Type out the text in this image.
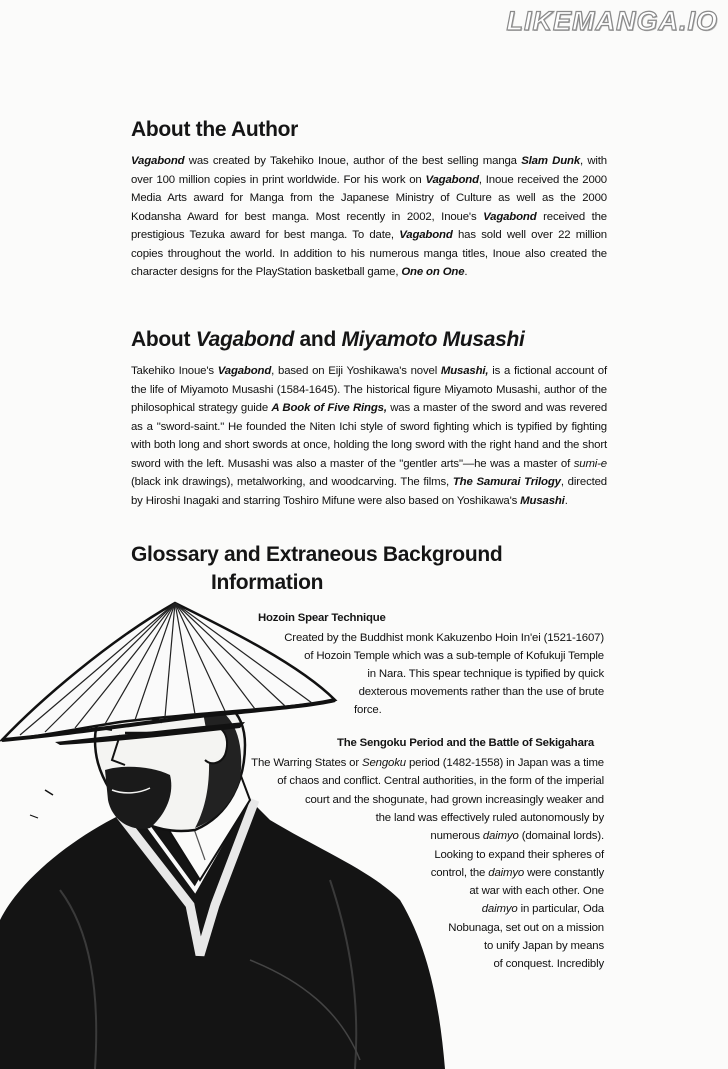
LIKEMANGA.IO
About the Author

Vagabond was created by Takehiko Inoue, author of the best selling manga Slam Dunk, with over 100 million copies in print worldwide. For his work on Vagabond, Inoue received the 2000 Media Arts award for Manga from the Japanese Ministry of Culture as well as the 2000 Kodansha Award for best manga. Most recently in 2002, Inoue's Vagabond received the prestigious Tezuka award for best manga. To date, Vagabond has sold well over 22 million copies throughout the world. In addition to his numerous manga titles, Inoue also created the character designs for the PlayStation basketball game, One on One.

About Vagabond and Miyamoto Musashi

Takehiko Inoue's Vagabond, based on Eiji Yoshikawa's novel Musashi, is a fictional account of the life of Miyamoto Musashi (1584-1645). The historical figure Miyamoto Musashi, author of the philosophical strategy guide A Book of Five Rings, was a master of the sword and was revered as a "sword-saint." He founded the Niten Ichi style of sword fighting which is typified by fighting with both long and short swords at once, holding the long sword with the right hand and the short sword with the left. Musashi was also a master of the "gentler arts"—he was a master of sumi-e (black ink drawings), metalworking, and woodcarving. The films, The Samurai Trilogy, directed by Hiroshi Inagaki and starring Toshiro Mifune were also based on Yoshikawa's Musashi.

Glossary and Extraneous Background
Information
Hozoin Spear Technique
Created by the Buddhist monk Kakuzenbo Hoin In'ei (1521-1607)
of Hozoin Temple which was a sub-temple of Kofukuji Temple
in Nara. This spear technique is typified by quick
dexterous movements rather than the use of brute
force.
The Sengoku Period and the Battle of Sekigahara
The Warring States or Sengoku period (1482-1558) in Japan was a time
of chaos and conflict. Central authorities, in the form of the imperial
court and the shogunate, had grown increasingly weaker and
the land was effectively ruled autonomously by
numerous daimyo (domainal lords).
Looking to expand their spheres of
control, the daimyo were constantly
at war with each other. One
daimyo in particular, Oda
Nobunaga, set out on a mission
to unify Japan by means
of conquest. Incredibly
